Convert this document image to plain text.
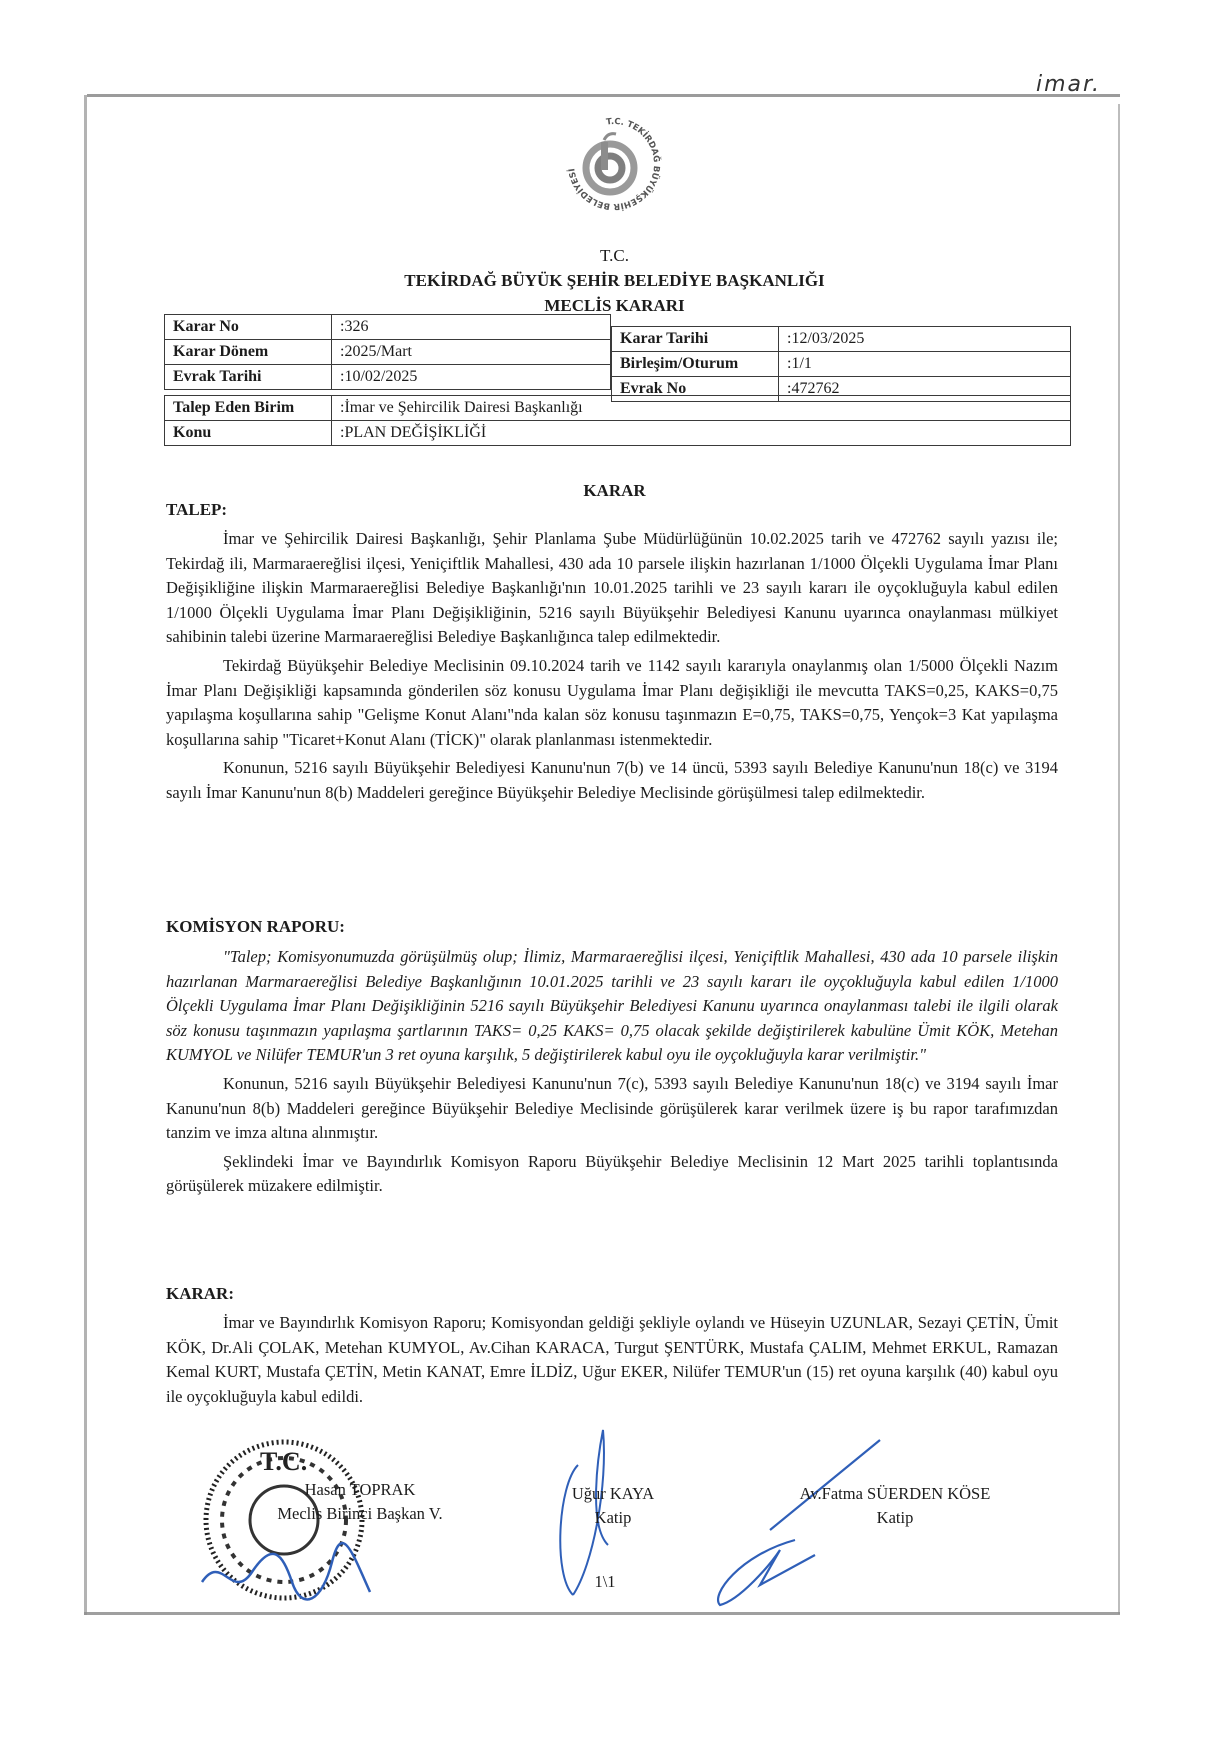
imar.
T.C. TEKİRDAĞ BÜYÜKŞEHİR BELEDİYESİ
T.C.
TEKİRDAĞ BÜYÜK ŞEHİR BELEDİYE BAŞKANLIĞI
MECLİS KARARI
Karar No	:326
Karar Dönem	:2025/Mart
Evrak Tarihi	:10/02/2025
Karar Tarihi	:12/03/2025
Birleşim/Oturum	:1/1
Evrak No	:472762
Talep Eden Birim	:İmar ve Şehircilik Dairesi Başkanlığı
Konu	:PLAN DEĞİŞİKLİĞİ
KARAR
TALEP:

İmar ve Şehircilik Dairesi Başkanlığı, Şehir Planlama Şube Müdürlüğünün 10.02.2025 tarih ve 472762 sayılı yazısı ile; Tekirdağ ili, Marmaraereğlisi ilçesi, Yeniçiftlik Mahallesi, 430 ada 10 parsele ilişkin hazırlanan 1/1000 Ölçekli Uygulama İmar Planı Değişikliğine ilişkin Marmaraereğlisi Belediye Başkanlığı'nın 10.01.2025 tarihli ve 23 sayılı kararı ile oyçokluğuyla kabul edilen 1/1000 Ölçekli Uygulama İmar Planı Değişikliğinin, 5216 sayılı Büyükşehir Belediyesi Kanunu uyarınca onaylanması mülkiyet sahibinin talebi üzerine Marmaraereğlisi Belediye Başkanlığınca talep edilmektedir.

Tekirdağ Büyükşehir Belediye Meclisinin 09.10.2024 tarih ve 1142 sayılı kararıyla onaylanmış olan 1/5000 Ölçekli Nazım İmar Planı Değişikliği kapsamında gönderilen söz konusu Uygulama İmar Planı değişikliği ile mevcutta TAKS=0,25, KAKS=0,75 yapılaşma koşullarına sahip "Gelişme Konut Alanı"nda kalan söz konusu taşınmazın E=0,75, TAKS=0,75, Yençok=3 Kat yapılaşma koşullarına sahip "Ticaret+Konut Alanı (TİCK)" olarak planlanması istenmektedir.

Konunun, 5216 sayılı Büyükşehir Belediyesi Kanunu'nun 7(b) ve 14 üncü, 5393 sayılı Belediye Kanunu'nun 18(c) ve 3194 sayılı İmar Kanunu'nun 8(b) Maddeleri gereğince Büyükşehir Belediye Meclisinde görüşülmesi talep edilmektedir.

KOMİSYON RAPORU:

"Talep; Komisyonumuzda görüşülmüş olup; İlimiz, Marmaraereğlisi ilçesi, Yeniçiftlik Mahallesi, 430 ada 10 parsele ilişkin hazırlanan Marmaraereğlisi Belediye Başkanlığının 10.01.2025 tarihli ve 23 sayılı kararı ile oyçokluğuyla kabul edilen 1/1000 Ölçekli Uygulama İmar Planı Değişikliğinin 5216 sayılı Büyükşehir Belediyesi Kanunu uyarınca onaylanması talebi ile ilgili olarak söz konusu taşınmazın yapılaşma şartlarının TAKS= 0,25 KAKS= 0,75 olacak şekilde değiştirilerek kabulüne Ümit KÖK, Metehan KUMYOL ve Nilüfer TEMUR'un 3 ret oyuna karşılık, 5 değiştirilerek kabul oyu ile oyçokluğuyla karar verilmiştir."

Konunun, 5216 sayılı Büyükşehir Belediyesi Kanunu'nun 7(c), 5393 sayılı Belediye Kanunu'nun 18(c) ve 3194 sayılı İmar Kanunu'nun 8(b) Maddeleri gereğince Büyükşehir Belediye Meclisinde görüşülerek karar verilmek üzere iş bu rapor tarafımızdan tanzim ve imza altına alınmıştır.

Şeklindeki İmar ve Bayındırlık Komisyon Raporu Büyükşehir Belediye Meclisinin 12 Mart 2025 tarihli toplantısında görüşülerek müzakere edilmiştir.

KARAR:

İmar ve Bayındırlık Komisyon Raporu; Komisyondan geldiği şekliyle oylandı ve Hüseyin UZUNLAR, Sezayi ÇETİN, Ümit KÖK, Dr.Ali ÇOLAK, Metehan KUMYOL, Av.Cihan KARACA, Turgut ŞENTÜRK, Mustafa ÇALIM, Mehmet ERKUL, Ramazan Kemal KURT, Mustafa ÇETİN, Metin KANAT, Emre İLDİZ, Uğur EKER, Nilüfer TEMUR'un (15) ret oyuna karşılık (40) kabul oyu ile oyçokluğuyla kabul edildi.

T.C.
Hasan TOPRAK
Meclis Birinci Başkan V.
Uğur KAYA
Katip
1\1
Av.Fatma SÜERDEN KÖSE
Katip
